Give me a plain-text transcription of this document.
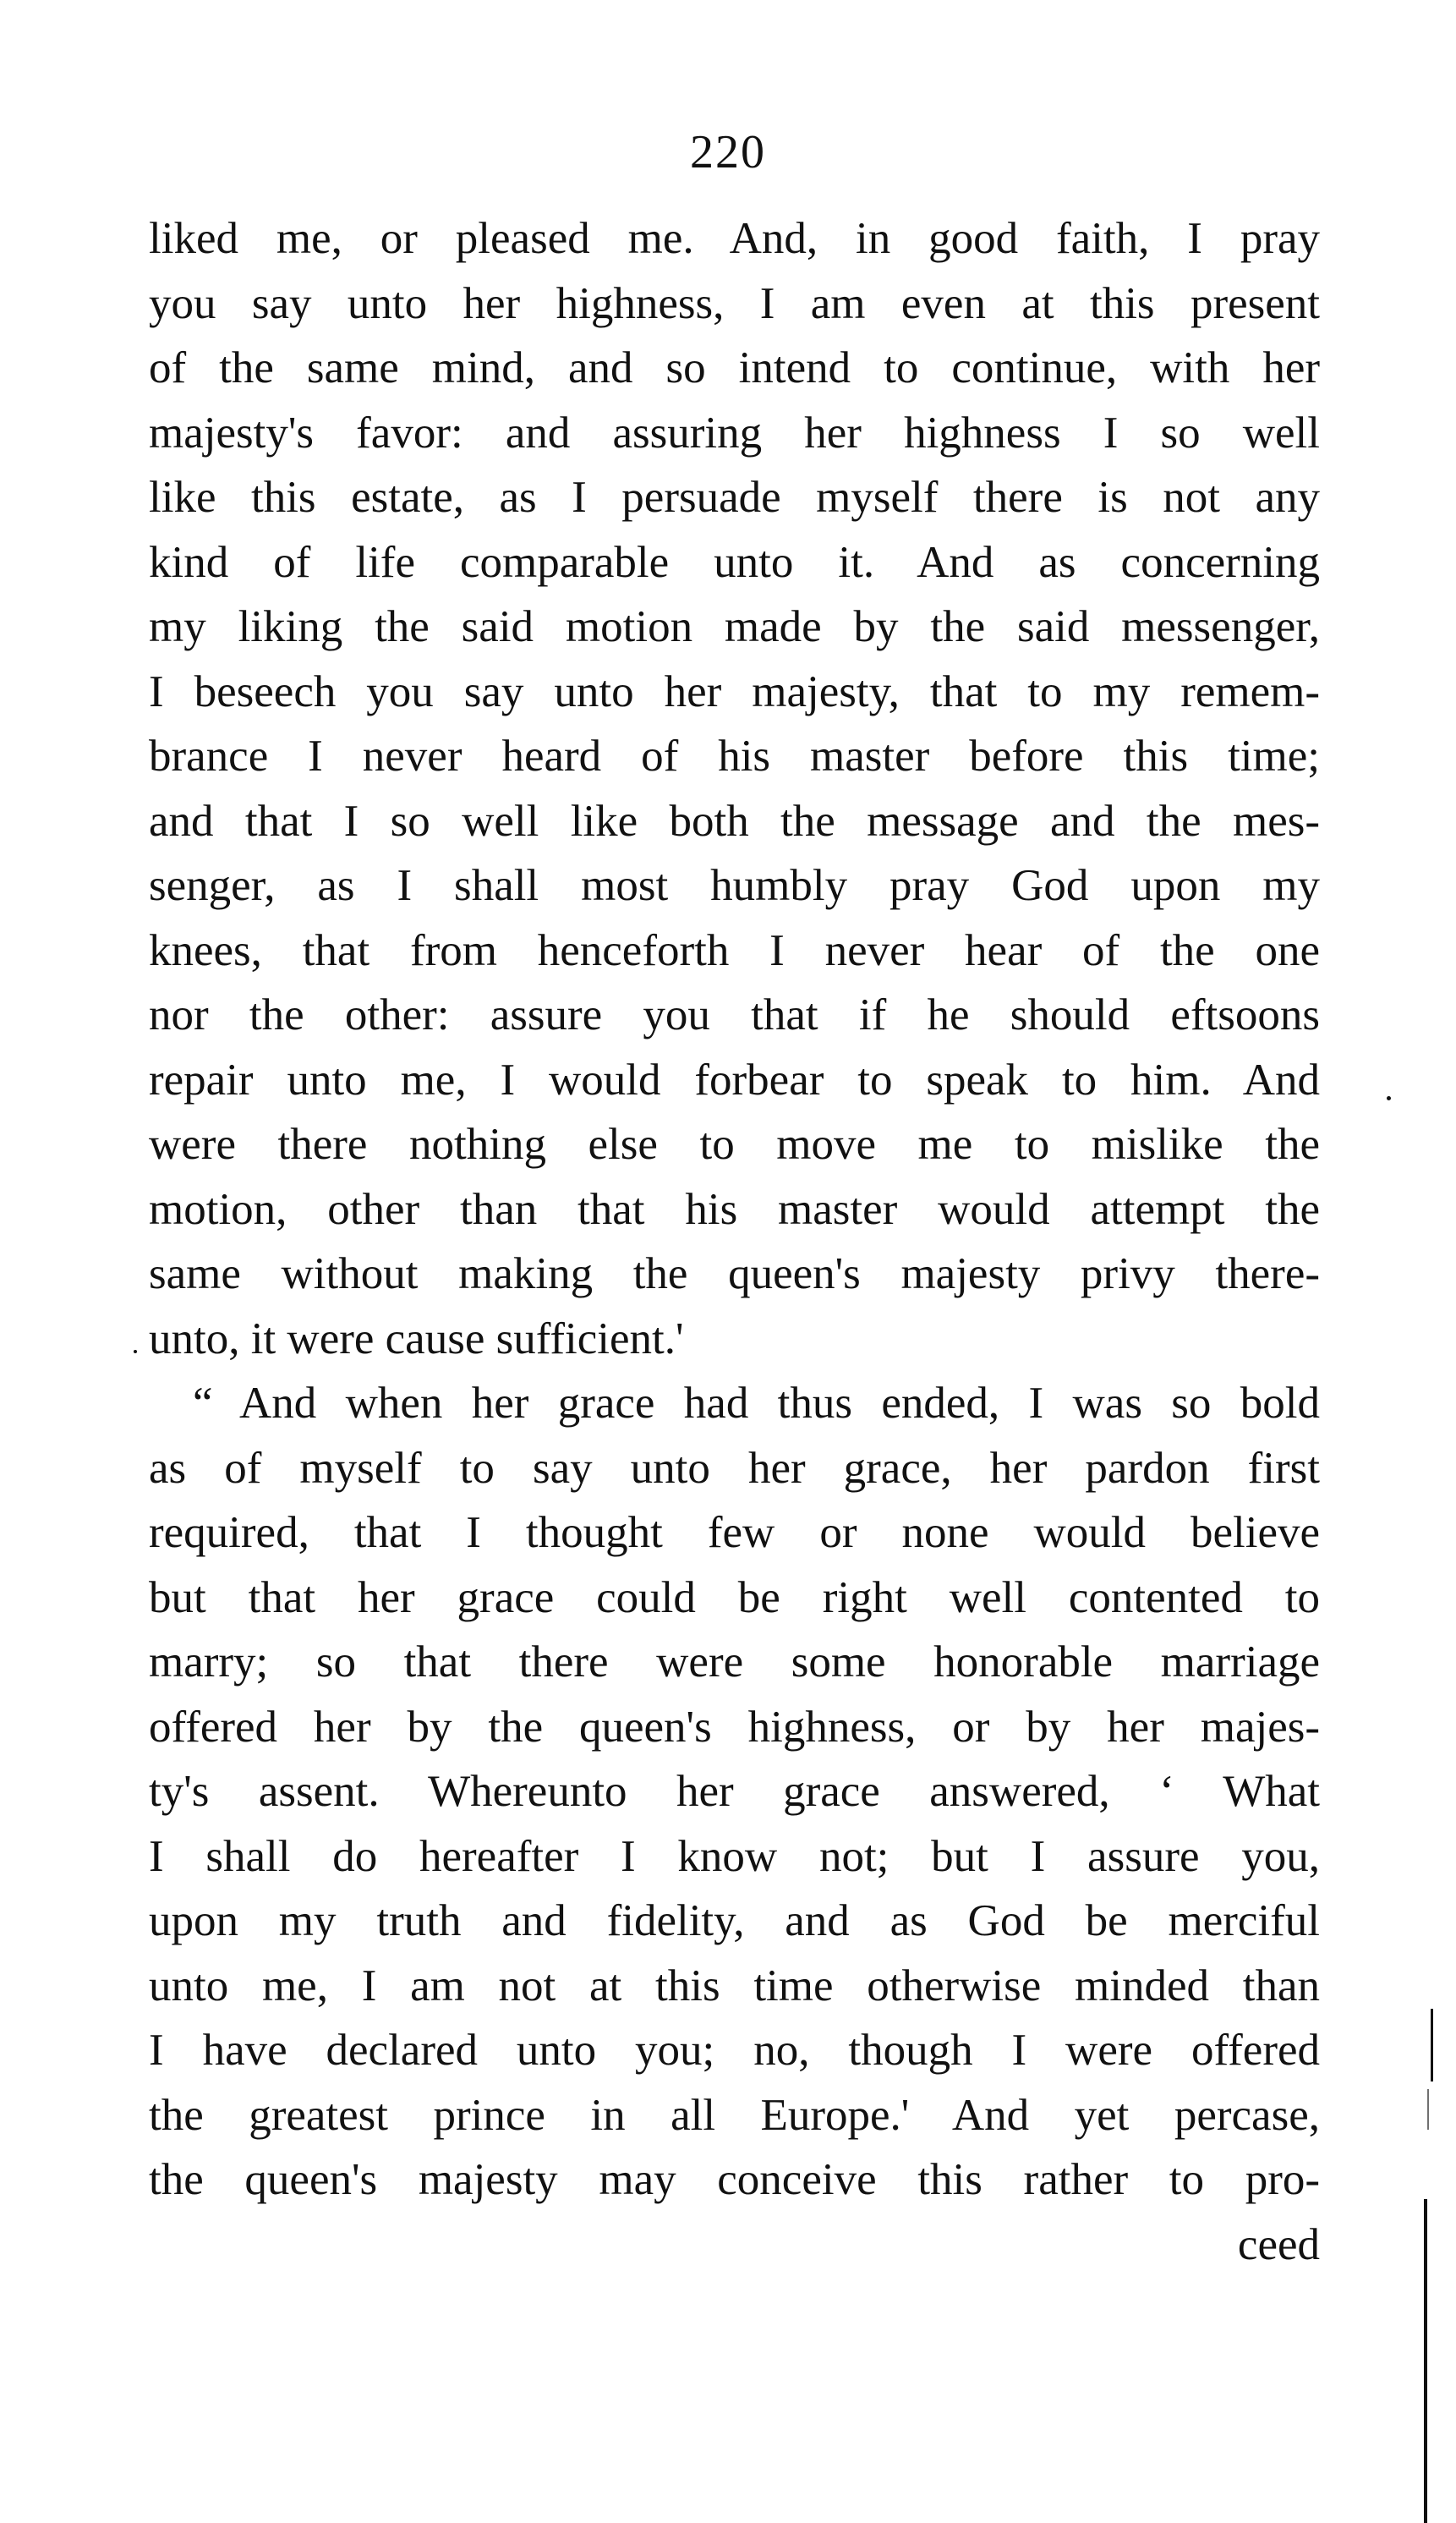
220
liked me, or pleased me. And, in good faith, I pray
you say unto her highness, I am even at this present
of the same mind, and so intend to continue, with her
majesty's favor: and assuring her highness I so well
like this estate, as I persuade myself there is not any
kind of life comparable unto it. And as concerning
my liking the said motion made by the said messenger,
I beseech you say unto her majesty, that to my remem-
brance I never heard of his master before this time;
and that I so well like both the message and the mes-
senger, as I shall most humbly pray God upon my
knees, that from henceforth I never hear of the one
nor the other: assure you that if he should eftsoons
repair unto me, I would forbear to speak to him. And
were there nothing else to move me to mislike the
motion, other than that his master would attempt the
same without making the queen's majesty privy there-
unto, it were cause sufficient.'
“ And when her grace had thus ended, I was so bold
as of myself to say unto her grace, her pardon first
required, that I thought few or none would believe
but that her grace could be right well contented to
marry; so that there were some honorable marriage
offered her by the queen's highness, or by her majes-
ty's assent. Whereunto her grace answered, ‘ What
I shall do hereafter I know not; but I assure you,
upon my truth and fidelity, and as God be merciful
unto me, I am not at this time otherwise minded than
I have declared unto you; no, though I were offered
the greatest prince in all Europe.' And yet percase,
the queen's majesty may conceive this rather to pro-
ceed
